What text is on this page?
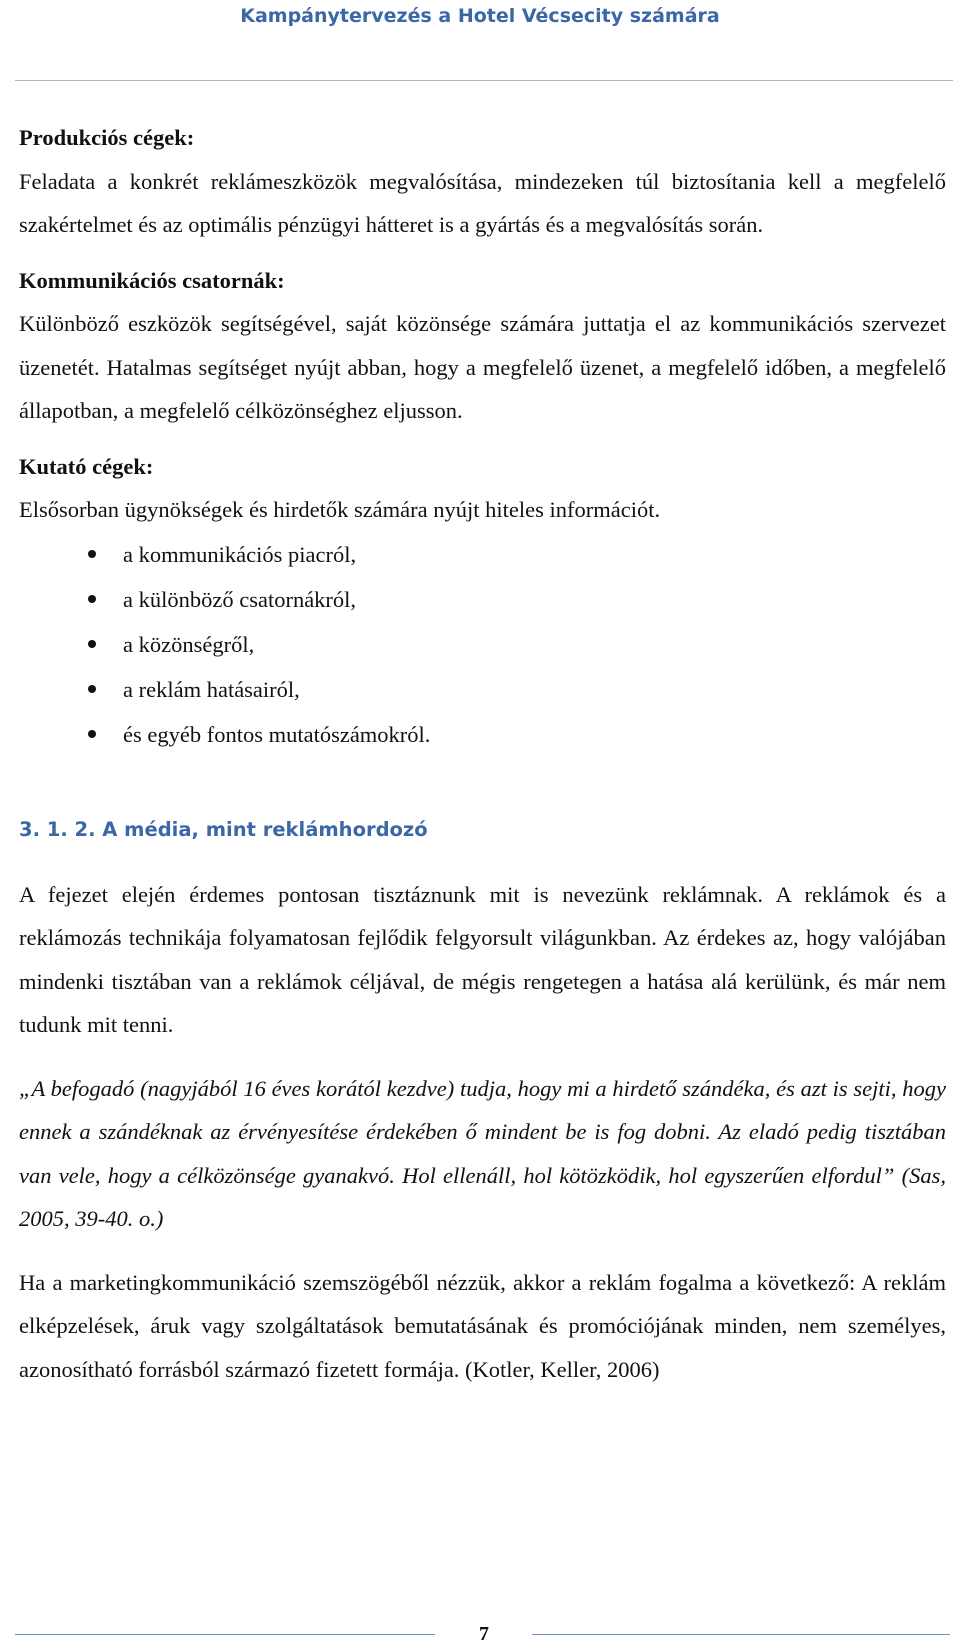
Kampánytervezés a Hotel Vécsecity számára
Produkciós cégek:

Feladata a konkrét reklámeszközök megvalósítása, mindezeken túl biztosítania kell a megfelelő szakértelmet és az optimális pénzügyi hátteret is a gyártás és a megvalósítás során.

Kommunikációs csatornák:

Különböző eszközök segítségével, saját közönsége számára juttatja el az kommunikációs szervezet üzenetét. Hatalmas segítséget nyújt abban, hogy a megfelelő üzenet, a megfelelő időben, a megfelelő állapotban, a megfelelő célközönséghez eljusson.

Kutató cégek:

Elsősorban ügynökségek és hirdetők számára nyújt hiteles információt.

a kommunikációs piacról,
a különböző csatornákról,
a közönségről,
a reklám hatásairól,
és egyéb fontos mutatószámokról.
3. 1. 2. A média, mint reklámhordozó

A fejezet elején érdemes pontosan tisztáznunk mit is nevezünk reklámnak. A reklámok és a reklámozás technikája folyamatosan fejlődik felgyorsult világunkban. Az érdekes az, hogy valójában mindenki tisztában van a reklámok céljával, de mégis rengetegen a hatása alá kerülünk, és már nem tudunk mit tenni.

„A befogadó (nagyjából 16 éves korától kezdve) tudja, hogy mi a hirdető szándéka, és azt is sejti, hogy ennek a szándéknak az érvényesítése érdekében ő mindent be is fog dobni. Az eladó pedig tisztában van vele, hogy a célközönsége gyanakvó. Hol ellenáll, hol kötözködik, hol egyszerűen elfordul” (Sas, 2005, 39-40. o.)

Ha a marketingkommunikáció szemszögéből nézzük, akkor a reklám fogalma a következő: A reklám elképzelések, áruk vagy szolgáltatások bemutatásának és promóciójának minden, nem személyes, azonosítható forrásból származó fizetett formája. (Kotler, Keller, 2006)

7
